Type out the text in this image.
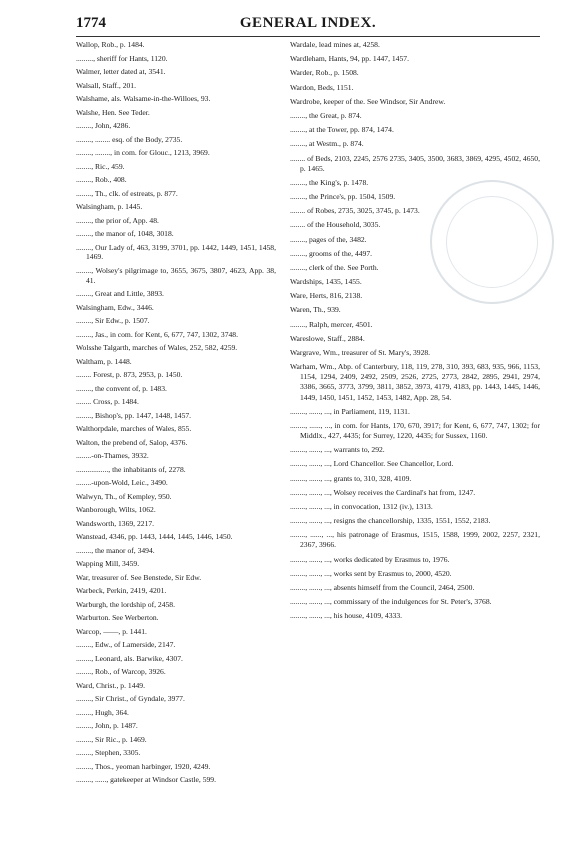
1774	GENERAL INDEX.

Wallop, Rob., p. 1484.

........., sheriff for Hants, 1120.

Walmer, letter dated at, 3541.

Walsall, Staff., 201.

Walshame, als. Walsame-in-the-Willoes, 93.

Walshe, Hen. See Teder.

........, John, 4286.

........, ........ esq. of the Body, 2735.

........, ........, in com. for Glouc., 1213, 3969.

........, Ric., 459.

........, Rob., 408.

........, Th., clk. of estreats, p. 877.

Walsingham, p. 1445.

........, the prior of, App. 48.

........, the manor of, 1048, 3018.

........, Our Lady of, 463, 3199, 3701, pp. 1442, 1449, 1451, 1458, 1469.

........, Wolsey's pilgrimage to, 3655, 3675, 3807, 4623, App. 38, 41.

........, Great and Little, 3893.

Walsingham, Edw., 3446.

........, Sir Edw., p. 1507.

........, Jas., in com. for Kent, 6, 677, 747, 1302, 3748.

Wolsshe Talgarth, marches of Wales, 252, 582, 4259.

Waltham, p. 1448.

........ Forest, p. 873, 2953, p. 1450.

........, the convent of, p. 1483.

........ Cross, p. 1484.

........, Bishop's, pp. 1447, 1448, 1457.

Walthorpdale, marches of Wales, 855.

Walton, the prebend of, Salop, 4376.

........-on-Thames, 3932.

................., the inhabitants of, 2278.

........-upon-Wold, Leic., 3490.

Walwyn, Th., of Kempley, 950.

Wanborough, Wilts, 1062.

Wandsworth, 1369, 2217.

Wanstead, 4346, pp. 1443, 1444, 1445, 1446, 1450.

........, the manor of, 3494.

Wapping Mill, 3459.

War, treasurer of. See Benstede, Sir Edw.

Warbeck, Perkin, 2419, 4201.

Warburgh, the lordship of, 2458.

Warburton. See Werberton.

Warcop, ——, p. 1441.

........, Edw., of Lamerside, 2147.

........, Leonard, als. Barwike, 4307.

........, Rob., of Warcop, 3926.

Ward, Christ., p. 1449.

........, Sir Christ., of Gyndale, 3977.

........, Hugh, 364.

........, John, p. 1487.

........, Sir Ric., p. 1469.

........, Stephen, 3305.

........, Thos., yeoman harbinger, 1920, 4249.

........, ......, gatekeeper at Windsor Castle, 599.

Wardale, lead mines at, 4258.

Wardleham, Hants, 94, pp. 1447, 1457.

Warder, Rob., p. 1508.

Wardon, Beds, 1151.

Wardrobe, keeper of the. See Windsor, Sir Andrew.

........, the Great, p. 874.

........, at the Tower, pp. 874, 1474.

........, at Westm., p. 874.

........ of Beds, 2103, 2245, 2576 2735, 3405, 3500, 3683, 3869, 4295, 4502, 4650, p. 1465.

........, the King's, p. 1478.

........, the Prince's, pp. 1504, 1509.

........ of Robes, 2735, 3025, 3745, p. 1473.

........ of the Household, 3035.

........, pages of the, 3482.

........, grooms of the, 4497.

........, clerk of the. See Porth.

Wardships, 1435, 1455.

Ware, Herts, 816, 2138.

Waren, Th., 939.

........, Ralph, mercer, 4501.

Wareslowe, Staff., 2884.

Wargrave, Wm., treasurer of St. Mary's, 3928.

Warham, Wm., Abp. of Canterbury, 118, 119, 278, 310, 393, 683, 935, 966, 1153, 1154, 1294, 2409, 2492, 2509, 2526, 2725, 2773, 2842, 2895, 2941, 2974, 3386, 3665, 3773, 3799, 3811, 3852, 3973, 4179, 4183, pp. 1443, 1445, 1446, 1449, 1450, 1451, 1452, 1453, 1482, App. 28, 54.

........, ......, ..., in Parliament, 119, 1131.

........, ......, ..., in com. for Hants, 170, 670, 3917; for Kent, 6, 677, 747, 1302; for Middlx., 427, 4435; for Surrey, 1220, 4435; for Sussex, 1160.

........, ......, ..., warrants to, 292.

........, ......, ..., Lord Chancellor. See Chancellor, Lord.

........, ......, ..., grants to, 310, 328, 4109.

........, ......, ..., Wolsey receives the Cardinal's hat from, 1247.

........, ......, ..., in convocation, 1312 (iv.), 1313.

........, ......, ..., resigns the chancellorship, 1335, 1551, 1552, 2183.

........, ......, ..., his patronage of Erasmus, 1515, 1588, 1999, 2002, 2257, 2321, 2367, 3966.

........, ......, ..., works dedicated by Erasmus to, 1976.

........, ......, ..., works sent by Erasmus to, 2000, 4520.

........, ......, ..., absents himself from the Council, 2464, 2500.

........, ......, ..., commissary of the indulgences for St. Peter's, 3768.

........, ......, ..., his house, 4109, 4333.
